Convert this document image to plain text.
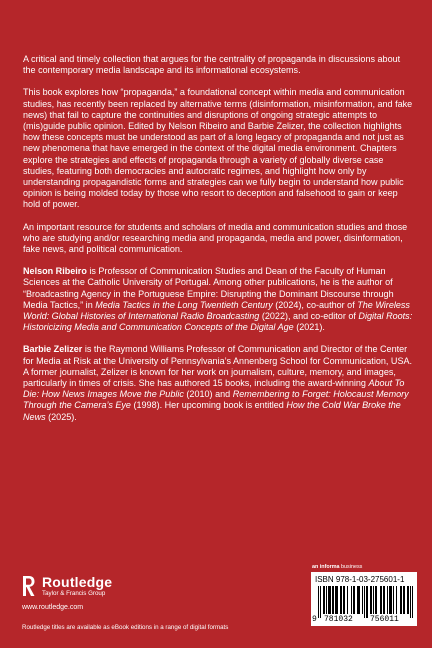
A critical and timely collection that argues for the centrality of propaganda in discussions about the contemporary media landscape and its informational ecosystems.

This book explores how “propaganda,” a foundational concept within media and communication studies, has recently been replaced by alternative terms (disinformation, misinformation, and fake news) that fail to capture the continuities and disruptions of ongoing strategic attempts to (mis)guide public opinion. Edited by Nelson Ribeiro and Barbie Zelizer, the collection highlights how these concepts must be understood as part of a long legacy of propaganda and not just as new phenomena that have emerged in the context of the digital media environment. Chapters explore the strategies and effects of propaganda through a variety of globally diverse case studies, featuring both democracies and autocratic regimes, and highlight how only by understanding propagandistic forms and strategies can we fully begin to understand how public opinion is being molded today by those who resort to deception and falsehood to gain or keep hold of power.

An important resource for students and scholars of media and communication studies and those who are studying and/or researching media and propaganda, media and power, disinformation, fake news, and political communication.

Nelson Ribeiro is Professor of Communication Studies and Dean of the Faculty of Human Sciences at the Catholic University of Portugal. Among other publications, he is the author of “Broadcasting Agency in the Portuguese Empire: Disrupting the Dominant Discourse through Media Tactics,” in Media Tactics in the Long Twentieth Century (2024), co-author of The Wireless World: Global Histories of International Radio Broadcasting (2022), and co-editor of Digital Roots: Historicizing Media and Communication Concepts of the Digital Age (2021).

Barbie Zelizer is the Raymond Williams Professor of Communication and Director of the Center for Media at Risk at the University of Pennsylvania’s Annenberg School for Communication, USA. A former journalist, Zelizer is known for her work on journalism, culture, memory, and images, particularly in times of crisis. She has authored 15 books, including the award-winning About To Die: How News Images Move the Public (2010) and Remembering to Forget: Holocaust Memory Through the Camera’s Eye (1998). Her upcoming book is entitled How the Cold War Broke the News (2025).

Routledge
Taylor & Francis Group
www.routledge.com
Routledge titles are available as eBook editions in a range of digital formats
an informa business
ISBN 978-1-03-275601-1
9 781032 756011
